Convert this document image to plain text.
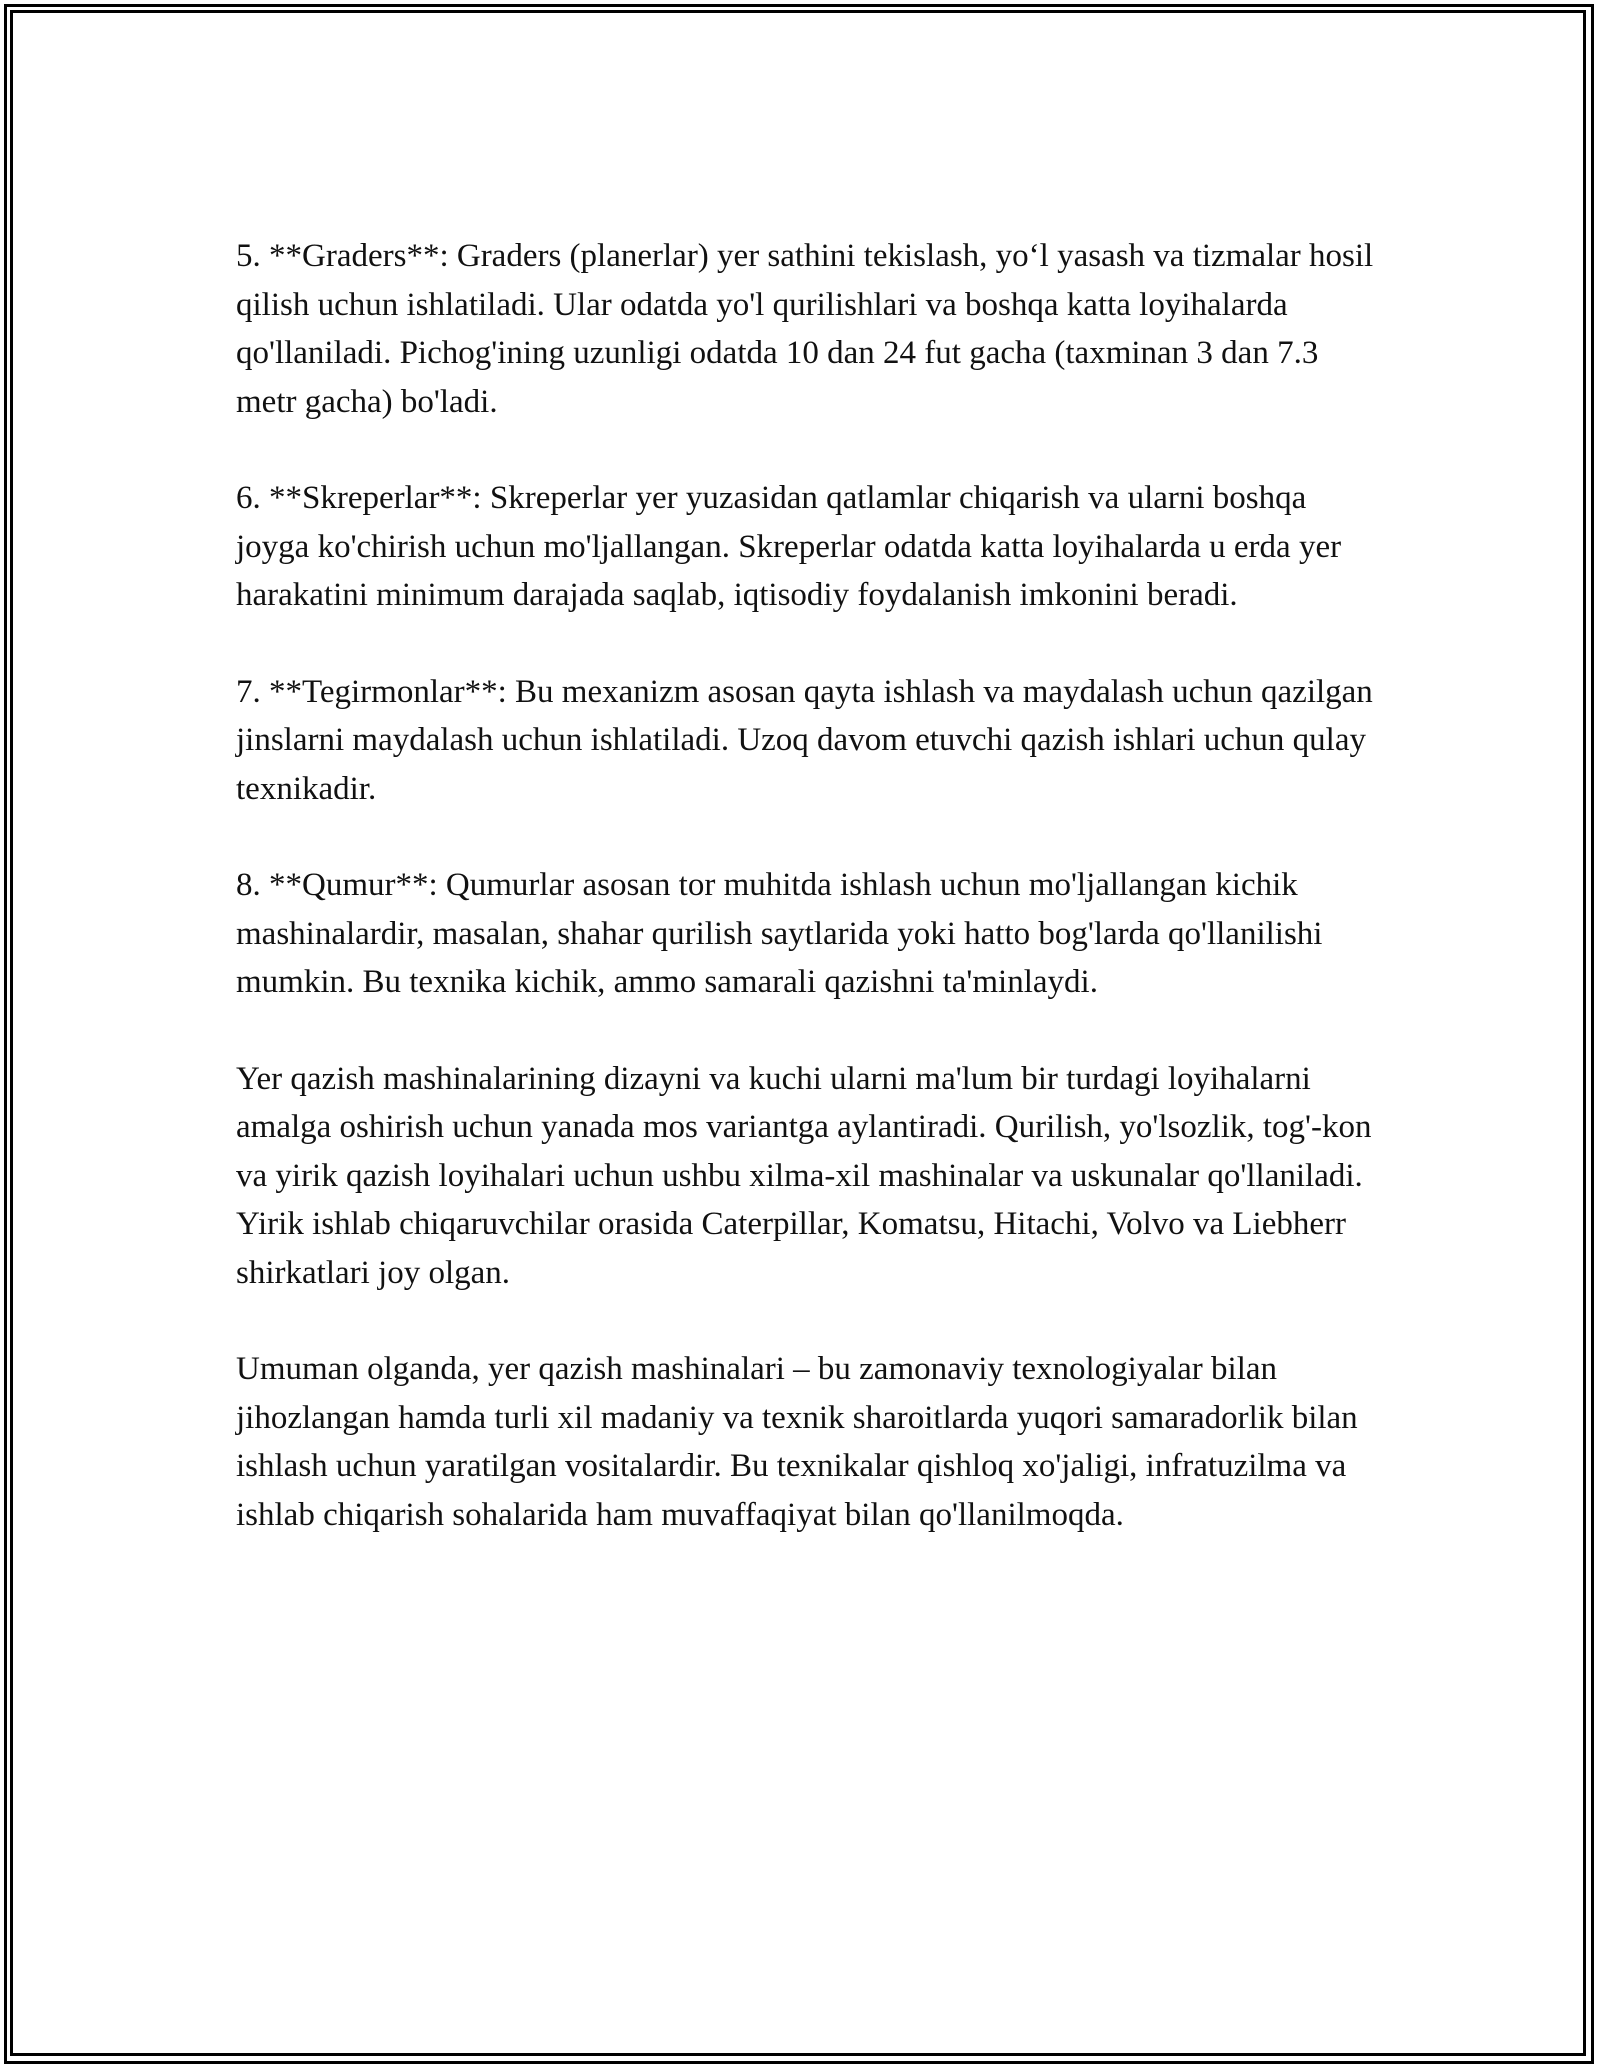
5. **Graders**: Graders (planerlar) yer sathini tekislash, yo‘l yasash va tizmalar hosil qilish uchun ishlatiladi. Ular odatda yo'l qurilishlari va boshqa katta loyihalarda qo'llaniladi. Pichog'ining uzunligi odatda 10 dan 24 fut gacha (taxminan 3 dan 7.3 metr gacha) bo'ladi.

6. **Skreperlar**: Skreperlar yer yuzasidan qatlamlar chiqarish va ularni boshqa joyga ko'chirish uchun mo'ljallangan. Skreperlar odatda katta loyihalarda u erda yer harakatini minimum darajada saqlab, iqtisodiy foydalanish imkonini beradi.

7. **Tegirmonlar**: Bu mexanizm asosan qayta ishlash va maydalash uchun qazilgan jinslarni maydalash uchun ishlatiladi. Uzoq davom etuvchi qazish ishlari uchun qulay texnikadir.

8. **Qumur**: Qumurlar asosan tor muhitda ishlash uchun mo'ljallangan kichik mashinalardir, masalan, shahar qurilish saytlarida yoki hatto bog'larda qo'llanilishi mumkin. Bu texnika kichik, ammo samarali qazishni ta'minlaydi.

Yer qazish mashinalarining dizayni va kuchi ularni ma'lum bir turdagi loyihalarni amalga oshirish uchun yanada mos variantga aylantiradi. Qurilish, yo'lsozlik, tog'-kon va yirik qazish loyihalari uchun ushbu xilma-xil mashinalar va uskunalar qo'llaniladi. Yirik ishlab chiqaruvchilar orasida Caterpillar, Komatsu, Hitachi, Volvo va Liebherr shirkatlari joy olgan.

Umuman olganda, yer qazish mashinalari – bu zamonaviy texnologiyalar bilan jihozlangan hamda turli xil madaniy va texnik sharoitlarda yuqori samaradorlik bilan ishlash uchun yaratilgan vositalardir. Bu texnikalar qishloq xo'jaligi, infratuzilma va ishlab chiqarish sohalarida ham muvaffaqiyat bilan qo'llanilmoqda.
